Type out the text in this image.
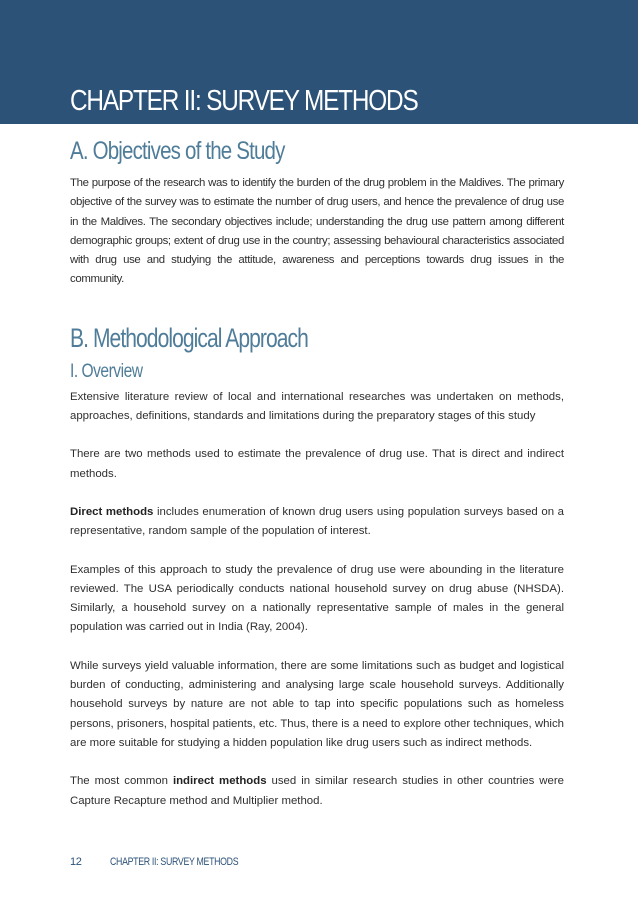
CHAPTER II: SURVEY METHODS
A. Objectives of the Study

The purpose of the research was to identify the burden of the drug problem in the Maldives. The primary objective of the survey was to estimate the number of drug users, and hence the prevalence of drug use in the Maldives. The secondary objectives include; understanding the drug use pattern among different demographic groups; extent of drug use in the country; assessing behavioural characteristics associated with drug use and studying the attitude, awareness and perceptions towards drug issues in the community.

B. Methodological Approach
I. Overview

Extensive literature review of local and international researches was undertaken on methods, approaches, definitions, standards and limitations during the preparatory stages of this study

There are two methods used to estimate the prevalence of drug use. That is direct and indirect methods.

Direct methods includes enumeration of known drug users using population surveys based on a representative, random sample of the population of interest.

Examples of this approach to study the prevalence of drug use were abounding in the literature reviewed. The USA periodically conducts national household survey on drug abuse (NHSDA). Similarly, a household survey on a nationally representative sample of males in the general population was carried out in India (Ray, 2004).

While surveys yield valuable information, there are some limitations such as budget and logistical burden of conducting, administering and analysing large scale household surveys. Additionally household surveys by nature are not able to tap into specific populations such as homeless persons, prisoners, hospital patients, etc. Thus, there is a need to explore other techniques, which are more suitable for studying a hidden population like drug users such as indirect methods.

The most common indirect methods used in similar research studies in other countries were Capture Recapture method and Multiplier method.

12	CHAPTER II: SURVEY METHODS
